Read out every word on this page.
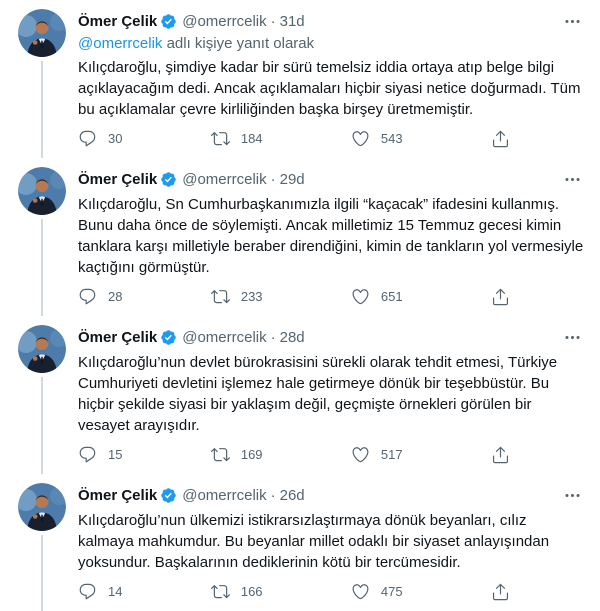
Ömer Çelik @omerrcelik · 31d
@omerrcelik adlı kişiye yanıt olarak
Kılıçdaroğlu, şimdiye kadar bir sürü temelsiz iddia ortaya atıp belge bilgi açıklayacağım dedi. Ancak açıklamaları hiçbir siyasi netice doğurmadı. Tüm bu açıklamalar çevre kirliliğinden başka birşey üretmemiştir.
30	184	543
Ömer Çelik @omerrcelik · 29d
Kılıçdaroğlu, Sn Cumhurbaşkanımızla ilgili “kaçacak” ifadesini kullanmış. Bunu daha önce de söylemişti. Ancak milletimiz 15 Temmuz gecesi kimin tanklara karşı milletiyle beraber direndiğini, kimin de tankların yol vermesiyle kaçtığını görmüştür.
28	233	651
Ömer Çelik @omerrcelik · 28d
Kılıçdaroğlu’nun devlet bürokrasisini sürekli olarak tehdit etmesi, Türkiye Cumhuriyeti devletini işlemez hale getirmeye dönük bir teşebbüstür. Bu hiçbir şekilde siyasi bir yaklaşım değil, geçmişte örnekleri görülen bir vesayet arayışıdır.
15	169	517
Ömer Çelik @omerrcelik · 26d
Kılıçdaroğlu’nun ülkemizi istikrarsızlaştırmaya dönük beyanları, cılız kalmaya mahkumdur. Bu beyanlar millet odaklı bir siyaset anlayışından yoksundur. Başkalarının dediklerinin kötü bir tercümesidir.
14	166	475
